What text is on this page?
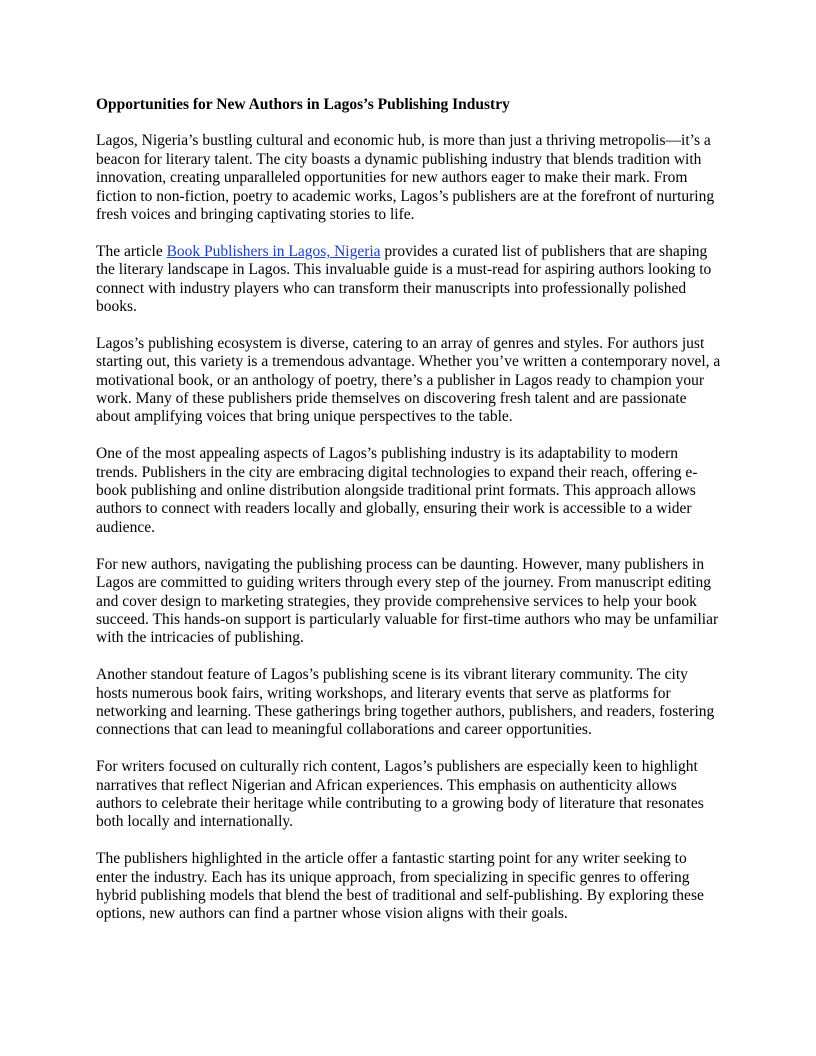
Opportunities for New Authors in Lagos’s Publishing Industry

Lagos, Nigeria’s bustling cultural and economic hub, is more than just a thriving metropolis—it’s a beacon for literary talent. The city boasts a dynamic publishing industry that blends tradition with innovation, creating unparalleled opportunities for new authors eager to make their mark. From fiction to non-fiction, poetry to academic works, Lagos’s publishers are at the forefront of nurturing fresh voices and bringing captivating stories to life.

The article Book Publishers in Lagos, Nigeria provides a curated list of publishers that are shaping the literary landscape in Lagos. This invaluable guide is a must-read for aspiring authors looking to connect with industry players who can transform their manuscripts into professionally polished books.

Lagos’s publishing ecosystem is diverse, catering to an array of genres and styles. For authors just starting out, this variety is a tremendous advantage. Whether you’ve written a contemporary novel, a motivational book, or an anthology of poetry, there’s a publisher in Lagos ready to champion your work. Many of these publishers pride themselves on discovering fresh talent and are passionate about amplifying voices that bring unique perspectives to the table.

One of the most appealing aspects of Lagos’s publishing industry is its adaptability to modern trends. Publishers in the city are embracing digital technologies to expand their reach, offering e-book publishing and online distribution alongside traditional print formats. This approach allows authors to connect with readers locally and globally, ensuring their work is accessible to a wider audience.

For new authors, navigating the publishing process can be daunting. However, many publishers in Lagos are committed to guiding writers through every step of the journey. From manuscript editing and cover design to marketing strategies, they provide comprehensive services to help your book succeed. This hands-on support is particularly valuable for first-time authors who may be unfamiliar with the intricacies of publishing.

Another standout feature of Lagos’s publishing scene is its vibrant literary community. The city hosts numerous book fairs, writing workshops, and literary events that serve as platforms for networking and learning. These gatherings bring together authors, publishers, and readers, fostering connections that can lead to meaningful collaborations and career opportunities.

For writers focused on culturally rich content, Lagos’s publishers are especially keen to highlight narratives that reflect Nigerian and African experiences. This emphasis on authenticity allows authors to celebrate their heritage while contributing to a growing body of literature that resonates both locally and internationally.

The publishers highlighted in the article offer a fantastic starting point for any writer seeking to enter the industry. Each has its unique approach, from specializing in specific genres to offering hybrid publishing models that blend the best of traditional and self-publishing. By exploring these options, new authors can find a partner whose vision aligns with their goals.
